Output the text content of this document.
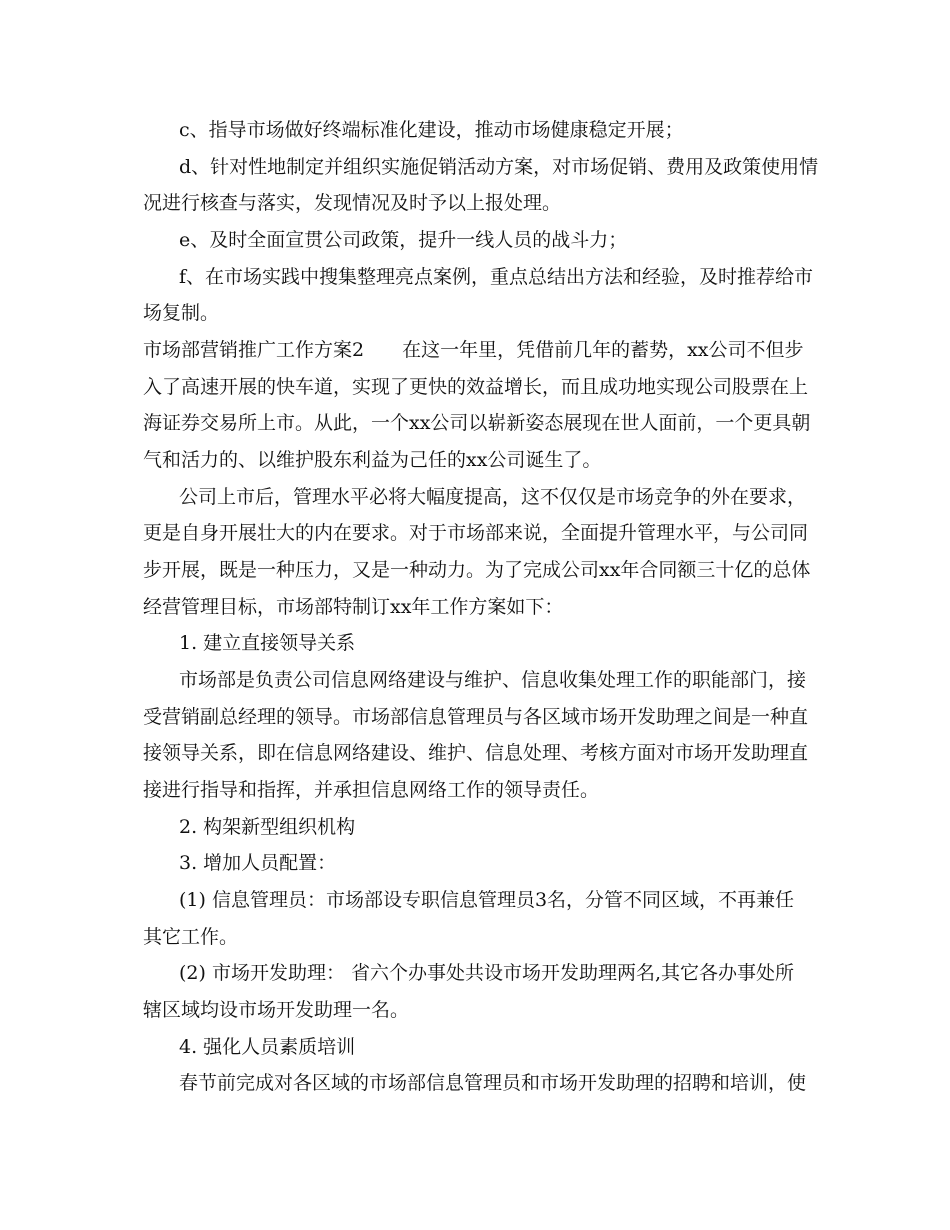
c、指导市场做好终端标准化建设，推动市场健康稳定开展；
d、针对性地制定并组织实施促销活动方案，对市场促销、费用及政策使用情
况进行核查与落实，发现情况及时予以上报处理。
e、及时全面宣贯公司政策，提升一线人员的战斗力；
f、在市场实践中搜集整理亮点案例，重点总结出方法和经验，及时推荐给市
场复制。
市场部营销推广工作方案2　　在这一年里，凭借前几年的蓄势，xx公司不但步
入了高速开展的快车道，实现了更快的效益增长，而且成功地实现公司股票在上
海证券交易所上市。从此，一个xx公司以崭新姿态展现在世人面前，一个更具朝
气和活力的、以维护股东利益为己任的xx公司诞生了。
公司上市后，管理水平必将大幅度提高，这不仅仅是市场竞争的外在要求，
更是自身开展壮大的内在要求。对于市场部来说，全面提升管理水平，与公司同
步开展，既是一种压力，又是一种动力。为了完成公司xx年合同额三十亿的总体
经营管理目标，市场部特制订xx年工作方案如下：
1. 建立直接领导关系
市场部是负责公司信息网络建设与维护、信息收集处理工作的职能部门，接
受营销副总经理的领导。市场部信息管理员与各区域市场开发助理之间是一种直
接领导关系，即在信息网络建设、维护、信息处理、考核方面对市场开发助理直
接进行指导和指挥，并承担信息网络工作的领导责任。
2. 构架新型组织机构
3. 增加人员配置：
(1) 信息管理员：市场部设专职信息管理员3名，分管不同区域，不再兼任
其它工作。
(2) 市场开发助理： 省六个办事处共设市场开发助理两名,其它各办事处所
辖区域均设市场开发助理一名。
4. 强化人员素质培训
春节前完成对各区域的市场部信息管理员和市场开发助理的招聘和培训，使
